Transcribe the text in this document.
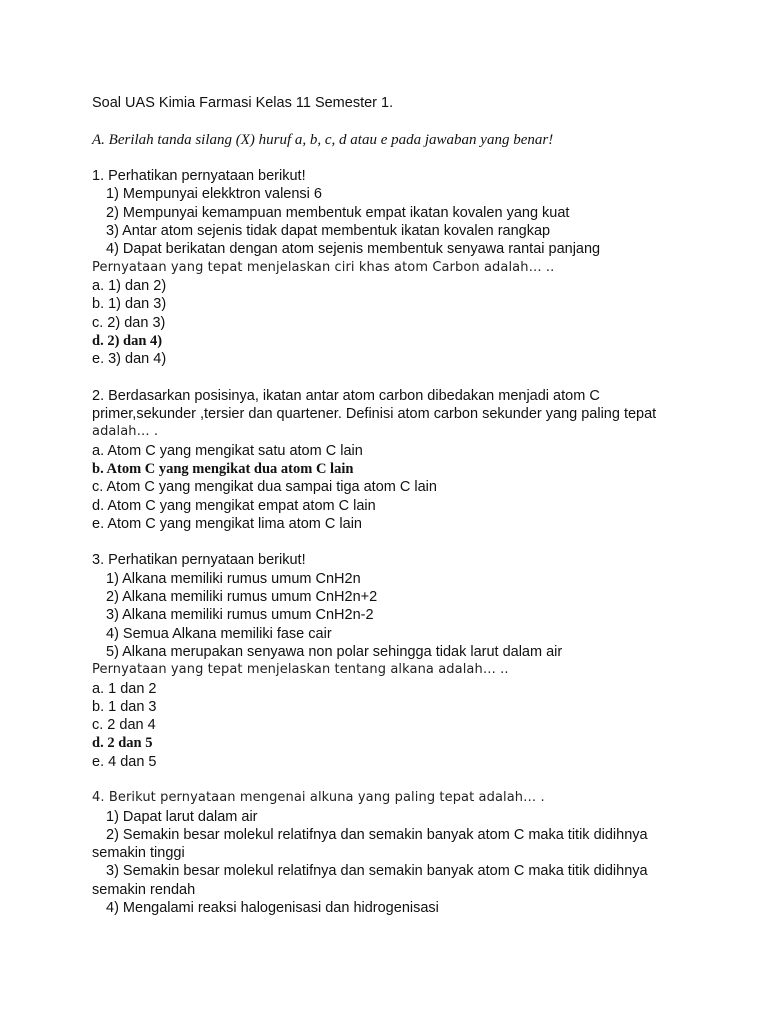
Soal UAS Kimia Farmasi Kelas 11 Semester 1.
A. Berilah tanda silang (X) huruf a, b, c, d atau e pada jawaban yang benar!
1. Perhatikan pernyataan berikut!
1) Mempunyai elekktron valensi 6
2) Mempunyai kemampuan membentuk empat ikatan kovalen yang kuat
3) Antar atom sejenis tidak dapat membentuk ikatan kovalen rangkap
4) Dapat berikatan dengan atom sejenis membentuk senyawa rantai panjang
Pernyataan yang tepat menjelaskan ciri khas atom Carbon adalah… ..
a. 1) dan 2)
b. 1) dan 3)
c. 2) dan 3)
d. 2) dan 4)
e. 3) dan 4)
2. Berdasarkan posisinya, ikatan antar atom carbon dibedakan menjadi atom C
primer,sekunder ,tersier dan quartener. Definisi atom carbon sekunder yang paling tepat
adalah… .
a. Atom C yang mengikat satu atom C lain
b. Atom C yang mengikat dua atom C lain
c. Atom C yang mengikat dua sampai tiga atom C lain
d. Atom C yang mengikat empat atom C lain
e. Atom C yang mengikat lima atom C lain
3. Perhatikan pernyataan berikut!
1) Alkana memiliki rumus umum CnH2n
2) Alkana memiliki rumus umum CnH2n+2
3) Alkana memiliki rumus umum CnH2n-2
4) Semua Alkana memiliki fase cair
5) Alkana merupakan senyawa non polar sehingga tidak larut dalam air
Pernyataan yang tepat menjelaskan tentang alkana adalah… ..
a. 1 dan 2
b. 1 dan 3
c. 2 dan 4
d. 2 dan 5
e. 4 dan 5
4. Berikut pernyataan mengenai alkuna yang paling tepat adalah… .
1) Dapat larut dalam air
2) Semakin besar molekul relatifnya dan semakin banyak atom C maka titik didihnya
semakin tinggi
3) Semakin besar molekul relatifnya dan semakin banyak atom C maka titik didihnya
semakin rendah
4) Mengalami reaksi halogenisasi dan hidrogenisasi
